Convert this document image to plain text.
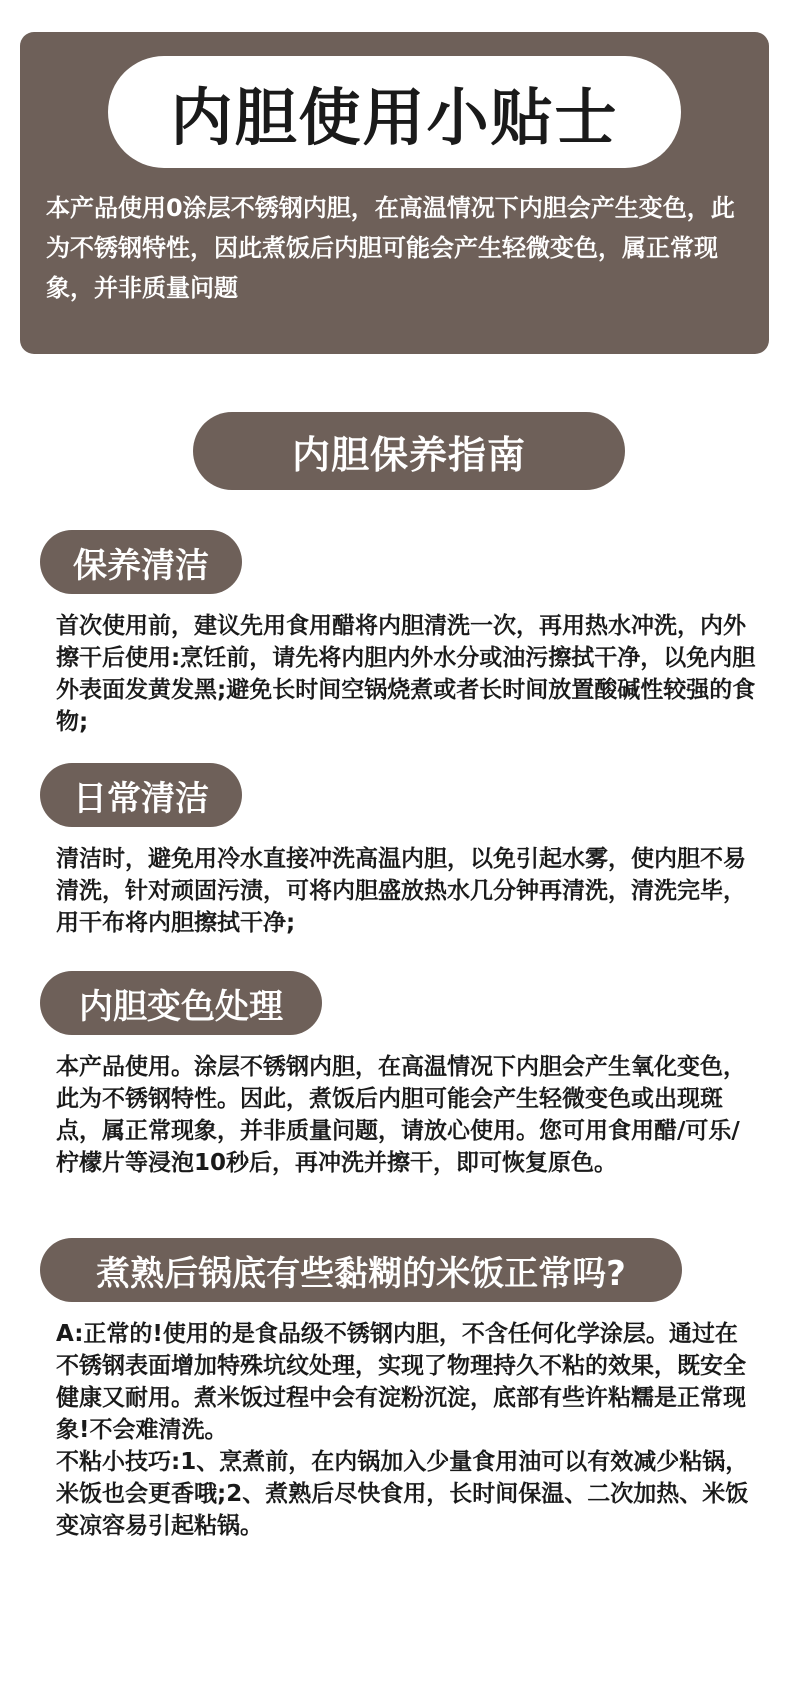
内胆使用小贴士
本产品使用0涂层不锈钢内胆，在高温情况下内胆会产生变色，此为不锈钢特性，因此煮饭后内胆可能会产生轻微变色，属正常现象，并非质量问题
内胆保养指南
保养清洁
首次使用前，建议先用食用醋将内胆清洗一次，再用热水冲洗，内外擦干后使用:烹饪前，请先将内胆内外水分或油污擦拭干净，以免内胆外表面发黄发黑;避免长时间空锅烧煮或者长时间放置酸碱性较强的食物;
日常清洁
清洁时，避免用冷水直接冲洗高温内胆，以免引起水雾，使内胆不易清洗，针对顽固污渍，可将内胆盛放热水几分钟再清洗，清洗完毕，用干布将内胆擦拭干净;
内胆变色处理
本产品使用。涂层不锈钢内胆，在高温情况下内胆会产生氧化变色，此为不锈钢特性。因此，煮饭后内胆可能会产生轻微变色或出现斑点，属正常现象，并非质量问题，请放心使用。您可用食用醋/可乐/柠檬片等浸泡10秒后，再冲洗并擦干，即可恢复原色。
煮熟后锅底有些黏糊的米饭正常吗?

A:正常的!使用的是食品级不锈钢内胆，不含任何化学涂层。通过在不锈钢表面增加特殊坑纹处理，实现了物理持久不粘的效果，既安全健康又耐用。煮米饭过程中会有淀粉沉淀，底部有些许粘糯是正常现象!不会难清洗。

不粘小技巧:1、烹煮前，在内锅加入少量食用油可以有效减少粘锅，米饭也会更香哦;2、煮熟后尽快食用，长时间保温、二次加热、米饭变凉容易引起粘锅。
